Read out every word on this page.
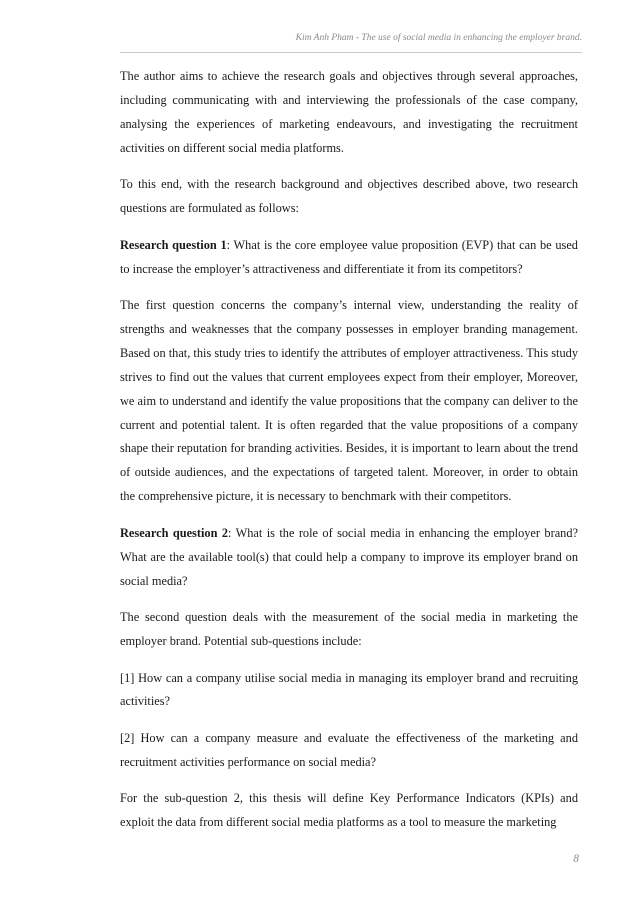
Kim Anh Pham - The use of social media in enhancing the employer brand.

The author aims to achieve the research goals and objectives through several approaches, including communicating with and interviewing the professionals of the case company, analysing the experiences of marketing endeavours, and investigating the recruitment activities on different social media platforms.

To this end, with the research background and objectives described above, two research questions are formulated as follows:

Research question 1: What is the core employee value proposition (EVP) that can be used to increase the employer’s attractiveness and differentiate it from its competitors?

The first question concerns the company’s internal view, understanding the reality of strengths and weaknesses that the company possesses in employer branding management. Based on that, this study tries to identify the attributes of employer attractiveness. This study strives to find out the values that current employees expect from their employer, Moreover, we aim to understand and identify the value propositions that the company can deliver to the current and potential talent. It is often regarded that the value propositions of a company shape their reputation for branding activities. Besides, it is important to learn about the trend of outside audiences, and the expectations of targeted talent. Moreover, in order to obtain the comprehensive picture, it is necessary to benchmark with their competitors.

Research question 2: What is the role of social media in enhancing the employer brand? What are the available tool(s) that could help a company to improve its employer brand on social media?

The second question deals with the measurement of the social media in marketing the employer brand. Potential sub-questions include:

[1] How can a company utilise social media in managing its employer brand and recruiting activities?

[2] How can a company measure and evaluate the effectiveness of the marketing and recruitment activities performance on social media?

For the sub-question 2, this thesis will define Key Performance Indicators (KPIs) and exploit the data from different social media platforms as a tool to measure the marketing

8
